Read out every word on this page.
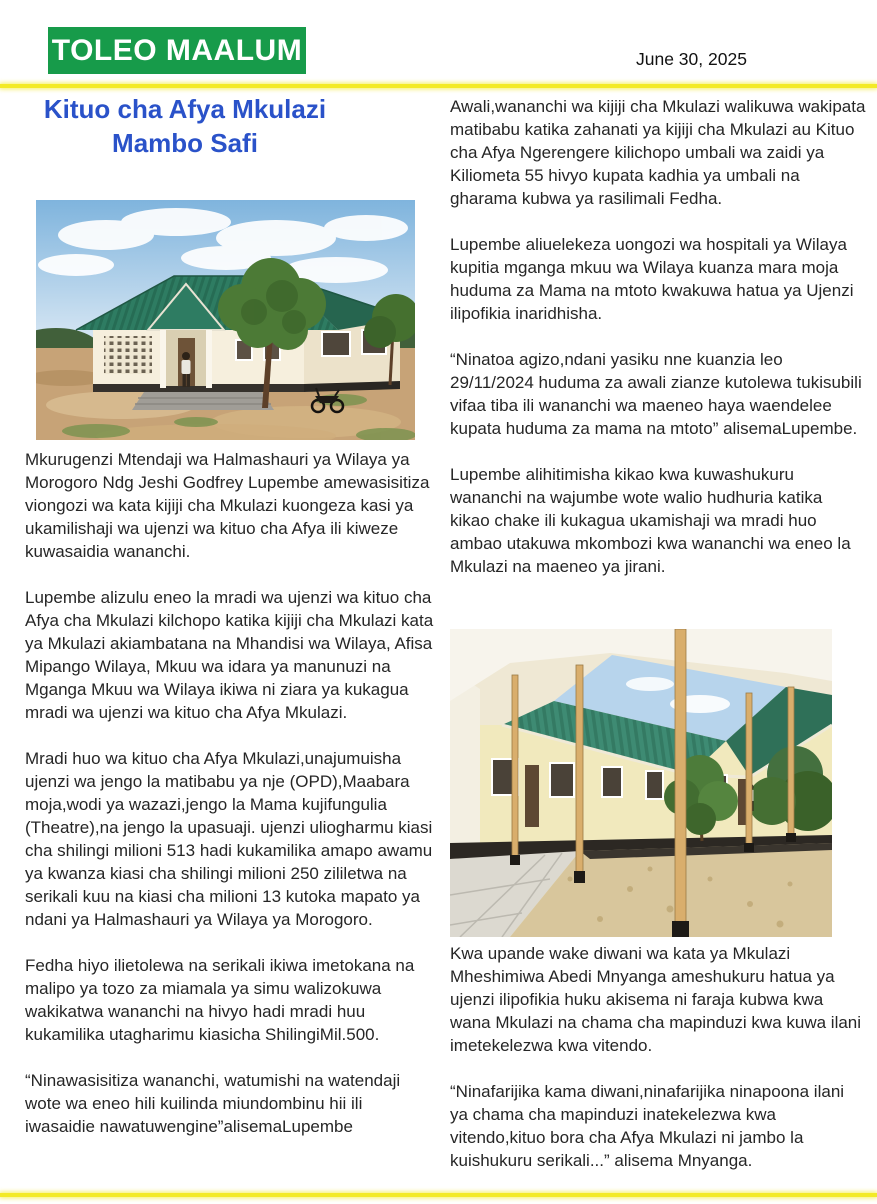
TOLEO MAALUM	June 30, 2025
Kituo cha Afya Mkulazi
Mambo Safi

Mkurugenzi Mtendaji wa Halmashauri ya Wilaya ya Morogoro Ndg Jeshi Godfrey Lupembe amewasisitiza viongozi wa kata kijiji cha Mkulazi kuongeza kasi ya ukamilishaji wa ujenzi wa kituo cha Afya ili kiweze kuwasaidia wananchi.

Lupembe alizulu eneo la mradi wa ujenzi wa kituo cha Afya cha Mkulazi kilchopo katika kijiji cha Mkulazi kata ya Mkulazi akiambatana na Mhandisi wa Wilaya, Afisa Mipango Wilaya, Mkuu wa idara ya manunuzi na Mganga Mkuu wa Wilaya ikiwa ni ziara ya kukagua mradi wa ujenzi wa kituo cha Afya Mkulazi.

Mradi huo wa kituo cha Afya Mkulazi,unajumuisha ujenzi wa jengo la matibabu ya nje (OPD),Maabara moja,wodi ya wazazi,jengo la Mama kujifungulia (Theatre),na jengo la upasuaji. ujenzi uliogharmu kiasi cha shilingi milioni 513 hadi kukamilika amapo awamu ya kwanza kiasi cha shilingi milioni 250 zililetwa na serikali kuu na kiasi cha milioni 13 kutoka mapato ya ndani ya Halmashauri ya Wilaya ya Morogoro.

Fedha hiyo ilietolewa na serikali ikiwa imetokana na malipo ya tozo za miamala ya simu walizokuwa wakikatwa wananchi na hivyo hadi mradi huu kukamilika utagharimu kiasicha ShilingiMil.500.

“Ninawasisitiza wananchi, watumishi na watendaji wote wa eneo hili kuilinda miundombinu hii ili iwasaidie nawatuwengine”alisemaLupembe

Awali,wananchi wa kijiji cha Mkulazi walikuwa wakipata matibabu katika zahanati ya kijiji cha Mkulazi au Kituo cha Afya Ngerengere kilichopo umbali wa zaidi ya Kiliometa 55 hivyo kupata kadhia ya umbali na gharama kubwa ya rasilimali Fedha.

Lupembe aliuelekeza uongozi wa hospitali ya Wilaya kupitia mganga mkuu wa Wilaya kuanza mara moja huduma za Mama na mtoto kwakuwa hatua ya Ujenzi ilipofikia inaridhisha.

“Ninatoa agizo,ndani yasiku nne kuanzia leo 29/11/2024 huduma za awali zianze kutolewa tukisubili vifaa tiba ili wananchi wa maeneo haya waendelee kupata huduma za mama na mtoto” alisemaLupembe.

Lupembe alihitimisha kikao kwa kuwashukuru wananchi na wajumbe wote walio hudhuria katika kikao chake ili kukagua ukamishaji wa mradi huo ambao utakuwa mkombozi kwa wananchi wa eneo la Mkulazi na maeneo ya jirani.

Kwa upande wake diwani wa kata ya Mkulazi Mheshimiwa Abedi Mnyanga ameshukuru hatua ya ujenzi ilipofikia huku akisema ni faraja kubwa kwa wana Mkulazi na chama cha mapinduzi kwa kuwa ilani imetekelezwa kwa vitendo.

“Ninafarijika kama diwani,ninafarijika ninapoona ilani ya chama cha mapinduzi inatekelezwa kwa vitendo,kituo bora cha Afya Mkulazi ni jambo la kuishukuru serikali...” alisema Mnyanga.
